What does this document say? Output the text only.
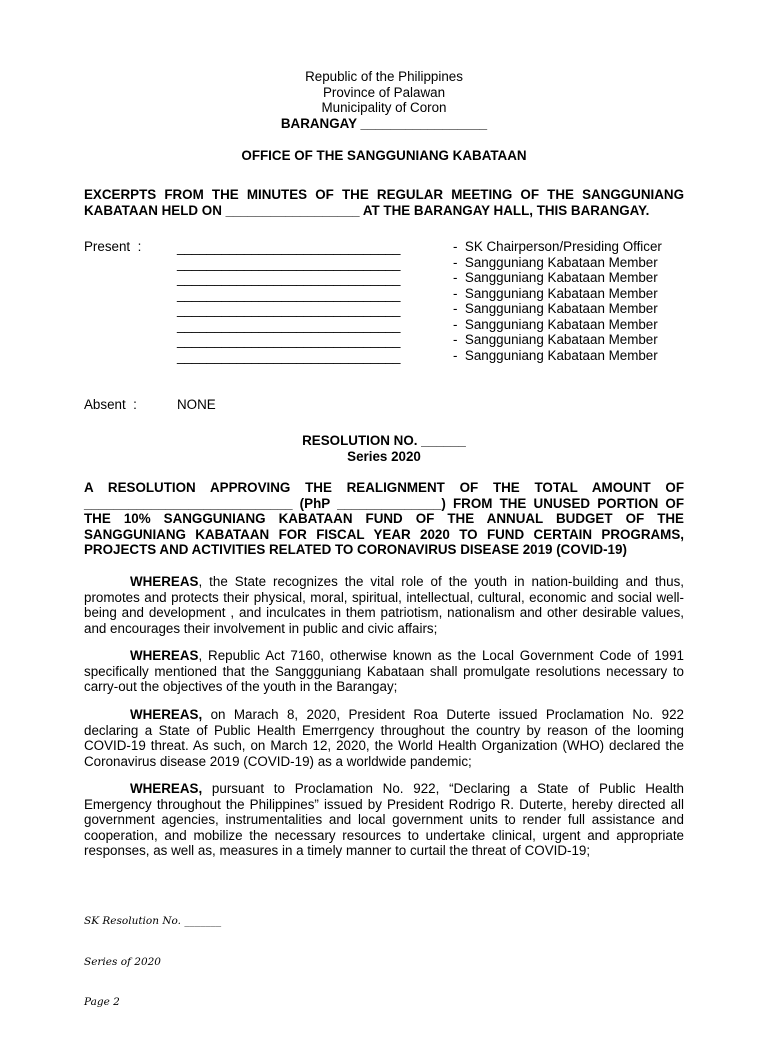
Republic of the Philippines
Province of Palawan
Municipality of Coron
BARANGAY _________________
OFFICE OF THE SANGGUNIANG KABATAAN
EXCERPTS FROM THE MINUTES OF THE REGULAR MEETING OF THE SANGGUNIANG KABATAAN HELD ON __________________ AT THE BARANGAY HALL, THIS BARANGAY.
Present  :	______________________________
______________________________
______________________________
______________________________
______________________________
______________________________
______________________________
______________________________
-  SK Chairperson/Presiding Officer
-  Sangguniang Kabataan Member
-  Sangguniang Kabataan Member
-  Sangguniang Kabataan Member
-  Sangguniang Kabataan Member
-  Sangguniang Kabataan Member
-  Sangguniang Kabataan Member
-  Sangguniang Kabataan Member
Absent  :	NONE
RESOLUTION NO. ______
Series 2020
A RESOLUTION APPROVING THE REALIGNMENT OF THE TOTAL AMOUNT OF ____________________________ (PhP ______________) FROM THE UNUSED PORTION OF THE 10% SANGGUNIANG KABATAAN FUND OF THE ANNUAL BUDGET OF THE SANGGUNIANG KABATAAN FOR FISCAL YEAR 2020 TO FUND CERTAIN PROGRAMS, PROJECTS AND ACTIVITIES RELATED TO CORONAVIRUS DISEASE 2019 (COVID-19)

WHEREAS, the State recognizes the vital role of the youth in nation-building and thus, promotes and protects their physical, moral, spiritual, intellectual, cultural, economic and social well-being and development , and inculcates in them patriotism, nationalism and other desirable values, and encourages their involvement in public and civic affairs;

WHEREAS, Republic Act 7160, otherwise known as the Local Government Code of 1991 specifically mentioned that the Sanggguniang Kabataan shall promulgate resolutions necessary to carry-out the objectives of the youth in the Barangay;

WHEREAS, on Marach 8, 2020, President Roa Duterte issued Proclamation No. 922 declaring a State of Public Health Emerrgency throughout the country by reason of the looming COVID-19 threat. As such, on March 12, 2020, the World Health Organization (WHO) declared the Coronavirus disease 2019 (COVID-19) as a worldwide pandemic;

WHEREAS, pursuant to Proclamation No. 922, “Declaring a State of Public Health Emergency throughout the Philippines” issued by President Rodrigo R. Duterte, hereby directed all government agencies, instrumentalities and local government units to render full assistance and cooperation, and mobilize the necessary resources to undertake clinical, urgent and appropriate responses, as well as, measures in a timely manner to curtail the threat of COVID-19;

SK Resolution No. _______

Series of 2020

Page 2
